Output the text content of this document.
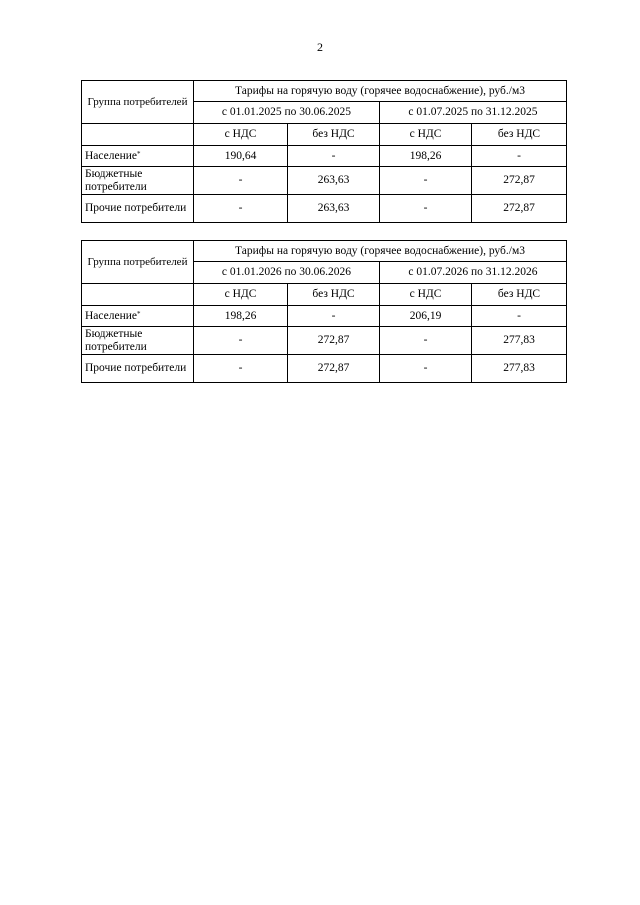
2
Группа потребителей	Тарифы на горячую воду (горячее водоснабжение), руб./м3			
	с 01.01.2025 по 30.06.2025		с 01.07.2025 по 31.12.2025	
	с НДС	без НДС	с НДС	без НДС
Население*	190,64	-	198,26	-
Бюджетные потребители	-	263,63	-	272,87
Прочие потребители	-	263,63	-	272,87
Группа потребителей	Тарифы на горячую воду (горячее водоснабжение), руб./м3			
	с 01.01.2026 по 30.06.2026		с 01.07.2026 по 31.12.2026	
	с НДС	без НДС	с НДС	без НДС
Население*	198,26	-	206,19	-
Бюджетные потребители	-	272,87	-	277,83
Прочие потребители	-	272,87	-	277,83
